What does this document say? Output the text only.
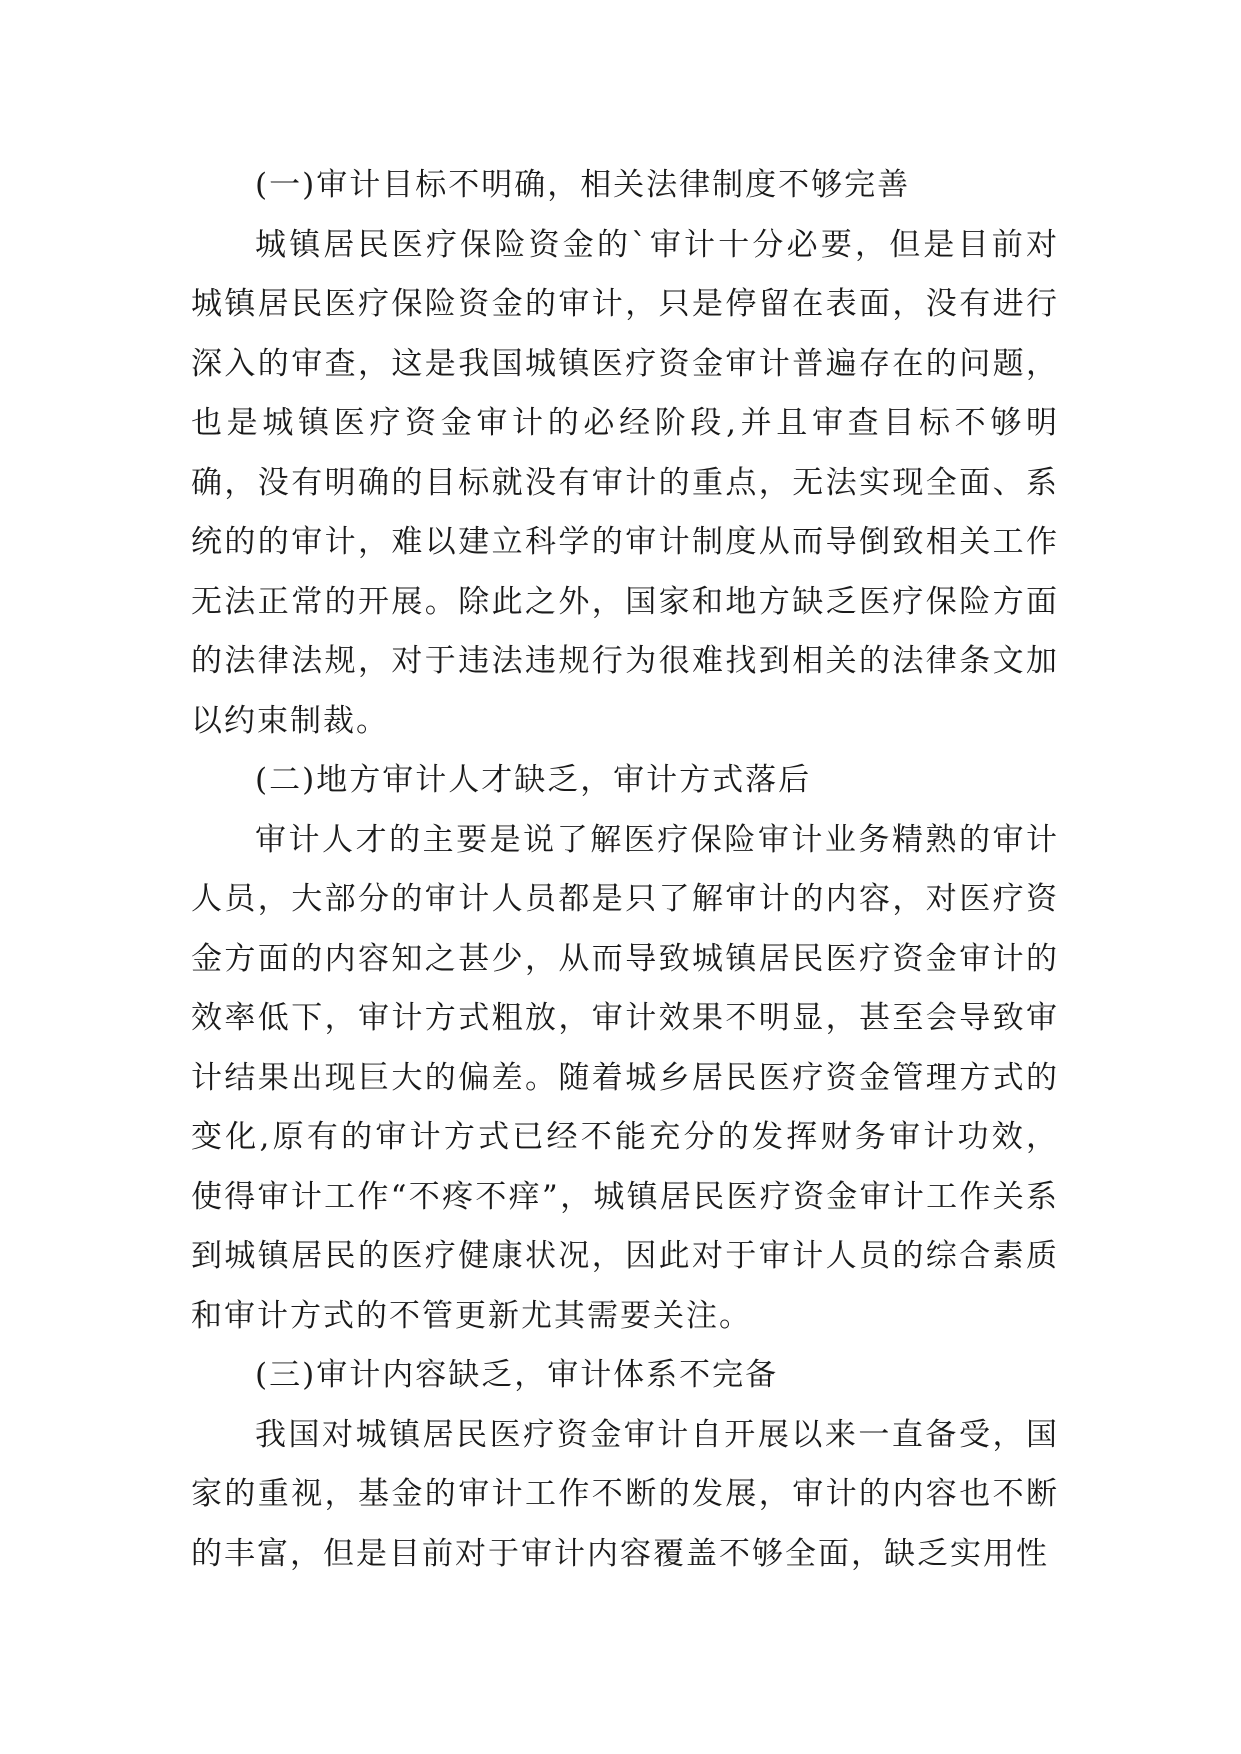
(一)审计目标不明确，相关法律制度不够完善

城镇居民医疗保险资金的`审计十分必要，但是目前对城镇居民医疗保险资金的审计，只是停留在表面，没有进行深入的审查，这是我国城镇医疗资金审计普遍存在的问题，也是城镇医疗资金审计的必经阶段,并且审查目标不够明确，没有明确的目标就没有审计的重点，无法实现全面、系统的的审计，难以建立科学的审计制度从而导倒致相关工作无法正常的开展。除此之外，国家和地方缺乏医疗保险方面的法律法规，对于违法违规行为很难找到相关的法律条文加以约束制裁。

(二)地方审计人才缺乏，审计方式落后

审计人才的主要是说了解医疗保险审计业务精熟的审计人员，大部分的审计人员都是只了解审计的内容，对医疗资金方面的内容知之甚少，从而导致城镇居民医疗资金审计的效率低下，审计方式粗放，审计效果不明显，甚至会导致审计结果出现巨大的偏差。随着城乡居民医疗资金管理方式的变化,原有的审计方式已经不能充分的发挥财务审计功效，使得审计工作“不疼不痒”，城镇居民医疗资金审计工作关系到城镇居民的医疗健康状况，因此对于审计人员的综合素质和审计方式的不管更新尤其需要关注。

(三)审计内容缺乏，审计体系不完备

我国对城镇居民医疗资金审计自开展以来一直备受，国家的重视，基金的审计工作不断的发展，审计的内容也不断的丰富，但是目前对于审计内容覆盖不够全面，缺乏实用性
